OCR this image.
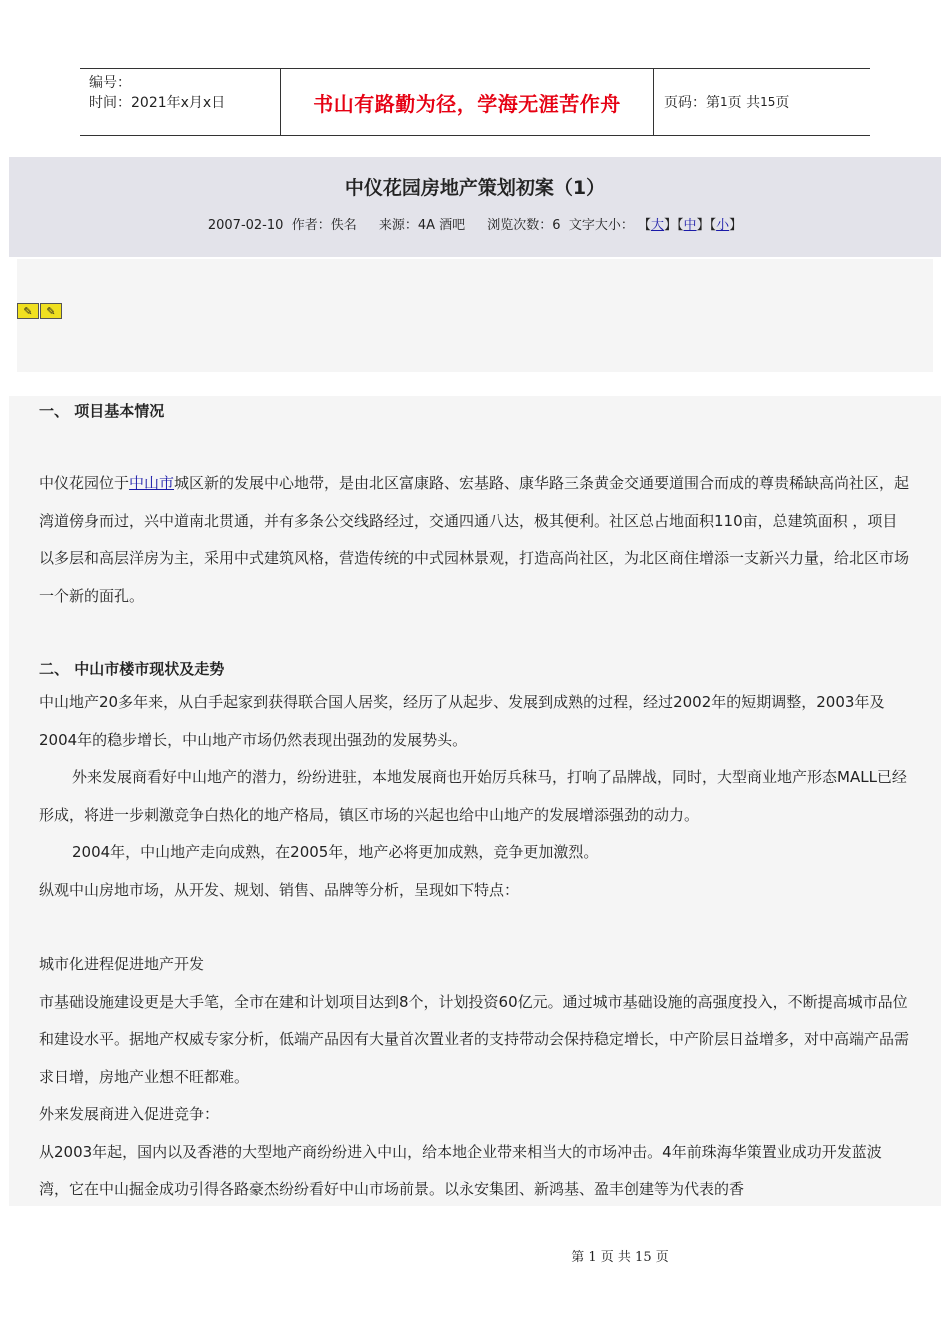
编号：
时间：2021年x月x日	书山有路勤为径，学海无涯苦作舟	页码：第 1 页 共 15 页
中仪花园房地产策划初案（1）
2007-02-10 作者：佚名 来源：4A 酒吧 浏览次数：6 文字大小： 【大】【中】【小】
✎	✎

一、 项目基本情况

中仪花园位于中山市城区新的发展中心地带，是由北区富康路、宏基路、康华路三条黄金交通要道围合而成的尊贵稀缺高尚社区，起湾道傍身而过，兴中道南北贯通，并有多条公交线路经过，交通四通八达，极其便利。社区总占地面积110亩，总建筑面积 ，项目以多层和高层洋房为主，采用中式建筑风格，营造传统的中式园林景观，打造高尚社区，为北区商住增添一支新兴力量，给北区市场一个新的面孔。

二、 中山市楼市现状及走势

中山地产20多年来，从白手起家到获得联合国人居奖，经历了从起步、发展到成熟的过程，经过2002年的短期调整，2003年及2004年的稳步增长，中山地产市场仍然表现出强劲的发展势头。

外来发展商看好中山地产的潜力，纷纷进驻，本地发展商也开始厉兵秣马，打响了品牌战，同时，大型商业地产形态MALL已经形成，将进一步刺激竞争白热化的地产格局，镇区市场的兴起也给中山地产的发展增添强劲的动力。

2004年，中山地产走向成熟，在2005年，地产必将更加成熟，竞争更加激烈。

纵观中山房地市场，从开发、规划、销售、品牌等分析，呈现如下特点：

城市化进程促进地产开发

市基础设施建设更是大手笔，全市在建和计划项目达到8个，计划投资60亿元。通过城市基础设施的高强度投入，不断提高城市品位和建设水平。据地产权威专家分析，低端产品因有大量首次置业者的支持带动会保持稳定增长，中产阶层日益增多，对中高端产品需求日增，房地产业想不旺都难。

外来发展商进入促进竞争：

从2003年起，国内以及香港的大型地产商纷纷进入中山，给本地企业带来相当大的市场冲击。4年前珠海华策置业成功开发蓝波湾，它在中山掘金成功引得各路豪杰纷纷看好中山市场前景。以永安集团、新鸿基、盈丰创建等为代表的香

第 1 页 共 15 页
